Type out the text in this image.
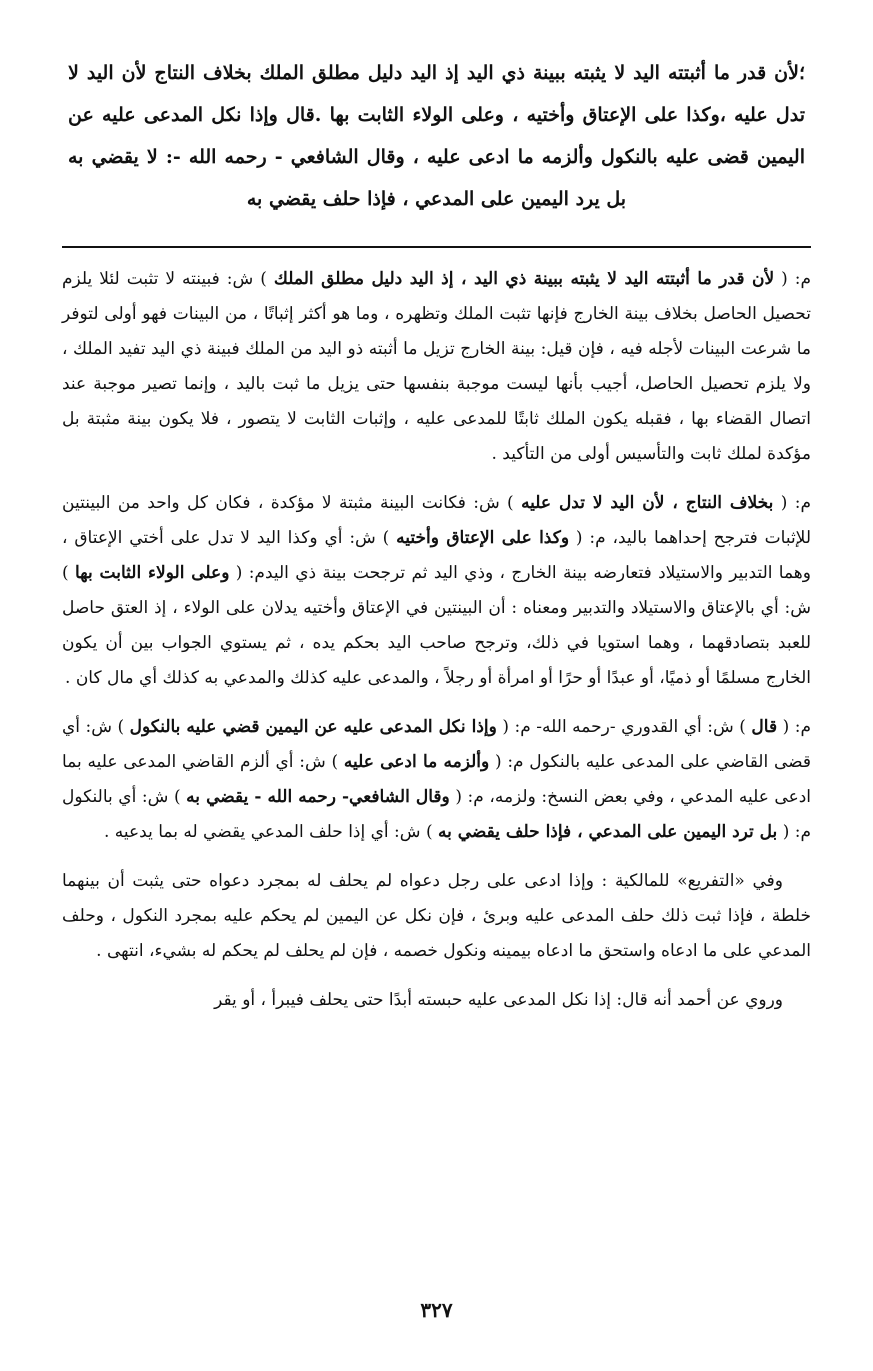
؛لأن قدر ما أثبتته اليد لا يثبته ببينة ذي اليد إذ اليد دليل مطلق الملك بخلاف النتاج لأن اليد لا تدل عليه ،وكذا على الإعتاق وأختيه ، وعلى الولاء الثابت بها .قال وإذا نكل المدعى عليه عن اليمين قضى عليه بالنكول وألزمه ما ادعى عليه ، وقال الشافعي - رحمه الله -: لا يقضي به بل يرد اليمين على المدعي ، فإذا حلف يقضي به

م: ( لأن قدر ما أثبتته اليد لا يثبته ببينة ذي اليد ، إذ اليد دليل مطلق الملك ) ش: فبينته لا تثبت لئلا يلزم تحصيل الحاصل بخلاف بينة الخارج فإنها تثبت الملك وتظهره ، وما هو أكثر إثباتًا ، من البينات فهو أولى لتوفر ما شرعت البينات لأجله فيه ، فإن قيل: بينة الخارج تزيل ما أثبته ذو اليد من الملك فبينة ذي اليد تفيد الملك ، ولا يلزم تحصيل الحاصل، أجيب بأنها ليست موجبة بنفسها حتى يزيل ما ثبت باليد ، وإنما تصير موجبة عند اتصال القضاء بها ، فقبله يكون الملك ثابتًا للمدعى عليه ، وإثبات الثابت لا يتصور ، فلا يكون بينة مثبتة بل مؤكدة لملك ثابت والتأسيس أولى من التأكيد .

م: ( بخلاف النتاج ، لأن اليد لا تدل عليه ) ش: فكانت البينة مثبتة لا مؤكدة ، فكان كل واحد من البينتين للإثبات فترجح إحداهما باليد، م: ( وكذا على الإعتاق وأختيه ) ش: أي وكذا اليد لا تدل على أختي الإعتاق ، وهما التدبير والاستيلاد فتعارضه بينة الخارج ، وذي اليد ثم ترجحت بينة ذي اليدم: ( وعلى الولاء الثابت بها ) ش: أي بالإعتاق والاستيلاد والتدبير ومعناه : أن البينتين في الإعتاق وأختيه يدلان على الولاء ، إذ العتق حاصل للعبد بتصادقهما ، وهما استويا في ذلك، وترجح صاحب اليد بحكم يده ، ثم يستوي الجواب بين أن يكون الخارج مسلمًا أو ذميًا، أو عبدًا أو حرًا أو امرأة أو رجلاً ، والمدعى عليه كذلك والمدعي به كذلك أي مال كان .

م: ( قال ) ش: أي القدوري -رحمه الله- م: ( وإذا نكل المدعى عليه عن اليمين قضي عليه بالنكول ) ش: أي قضى القاضي على المدعى عليه بالنكول م: ( وألزمه ما ادعى عليه ) ش: أي ألزم القاضي المدعى عليه بما ادعى عليه المدعي ، وفي بعض النسخ: ولزمه، م: ( وقال الشافعي- رحمه الله - يقضي به ) ش: أي بالنكول م: ( بل ترد اليمين على المدعي ، فإذا حلف يقضي به ) ش: أي إذا حلف المدعي يقضي له بما يدعيه .

وفي «التفريع» للمالكية : وإذا ادعى على رجل دعواه لم يحلف له بمجرد دعواه حتى يثبت أن بينهما خلطة ، فإذا ثبت ذلك حلف المدعى عليه وبرئ ، فإن نكل عن اليمين لم يحكم عليه بمجرد النكول ، وحلف المدعي على ما ادعاه واستحق ما ادعاه بيمينه ونكول خصمه ، فإن لم يحلف لم يحكم له بشيء، انتهى .

وروي عن أحمد أنه قال: إذا نكل المدعى عليه حبسته أبدًا حتى يحلف فيبرأ ، أو يقر

٣٢٧
